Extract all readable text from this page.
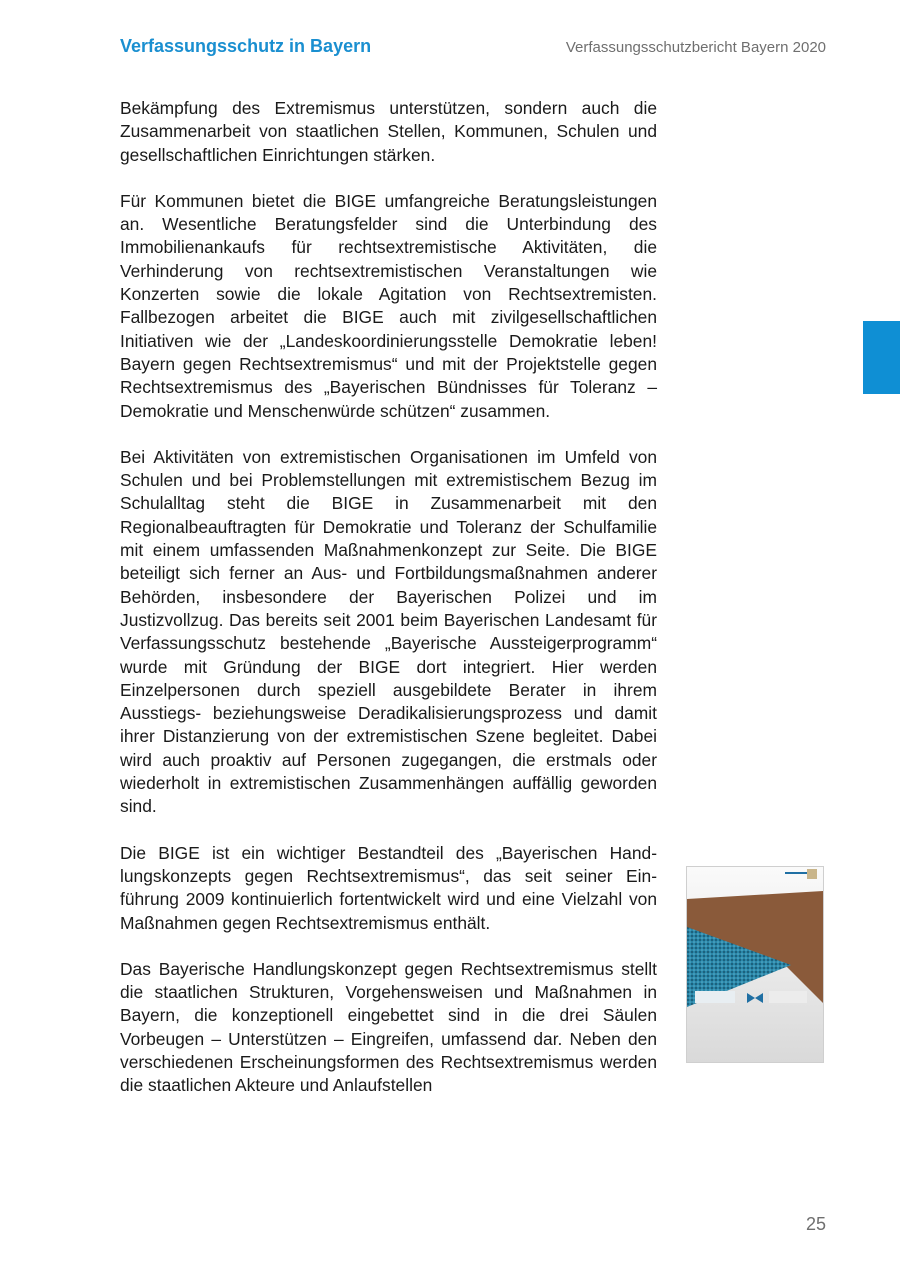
Verfassungsschutz in Bayern	Verfassungsschutzbericht Bayern 2020

Bekämpfung des Extremismus unterstützen, sondern auch die Zusammenarbeit von staatlichen Stellen, Kommunen, Schulen und gesellschaftlichen Einrichtungen stärken.

Für Kommunen bietet die BIGE umfangreiche Beratungsleistungen an. Wesentliche Beratungsfelder sind die Unterbindung des Immobilienankaufs für rechtsextremistische Aktivitäten, die Verhinderung von rechtsextremistischen Veranstaltungen wie Konzerten sowie die lokale Agitation von Rechtsextremisten. Fallbezogen arbeitet die BIGE auch mit zivilgesellschaftlichen Initiativen wie der „Landeskoordinierungsstelle Demokratie leben! Bayern gegen Rechtsextremismus“ und mit der Projektstelle gegen Rechtsextremismus des „Bayerischen Bündnisses für Toleranz – Demokratie und Menschenwürde schützen“ zusammen.

Bei Aktivitäten von extremistischen Organisationen im Umfeld von Schulen und bei Problemstellungen mit extremistischem Bezug im Schulalltag steht die BIGE in Zusammenarbeit mit den Regionalbeauftragten für Demokratie und Toleranz der Schulfamilie mit einem umfassenden Maßnahmenkonzept zur Seite. Die BIGE beteiligt sich ferner an Aus- und Fortbildungsmaßnahmen anderer Behörden, insbesondere der Bayerischen Polizei und im Justizvollzug. Das bereits seit 2001 beim Bayerischen Landesamt für Verfassungsschutz bestehende „Bayerische Aussteigerprogramm“ wurde mit Gründung der BIGE dort integriert. Hier werden Einzelpersonen durch speziell ausgebildete Berater in ihrem Ausstiegs- beziehungsweise Deradikalisierungsprozess und damit ihrer Distanzierung von der extremistischen Szene begleitet. Dabei wird auch proaktiv auf Personen zugegangen, die erstmals oder wiederholt in extremistischen Zusammenhängen auffällig geworden sind.

Die BIGE ist ein wichtiger Bestandteil des „Bayerischen Handlungskonzepts gegen Rechtsextremismus“, das seit seiner Einführung 2009 kontinuierlich fortentwickelt wird und eine Vielzahl von Maßnahmen gegen Rechtsextremismus enthält.

Das Bayerische Handlungskonzept gegen Rechtsextremismus stellt die staatlichen Strukturen, Vorgehensweisen und Maßnahmen in Bayern, die konzeptionell eingebettet sind in die drei Säulen Vorbeugen – Unterstützen – Eingreifen, umfassend dar. Neben den verschiedenen Erscheinungsformen des Rechtsextremismus werden die staatlichen Akteure und Anlaufstellen

25
